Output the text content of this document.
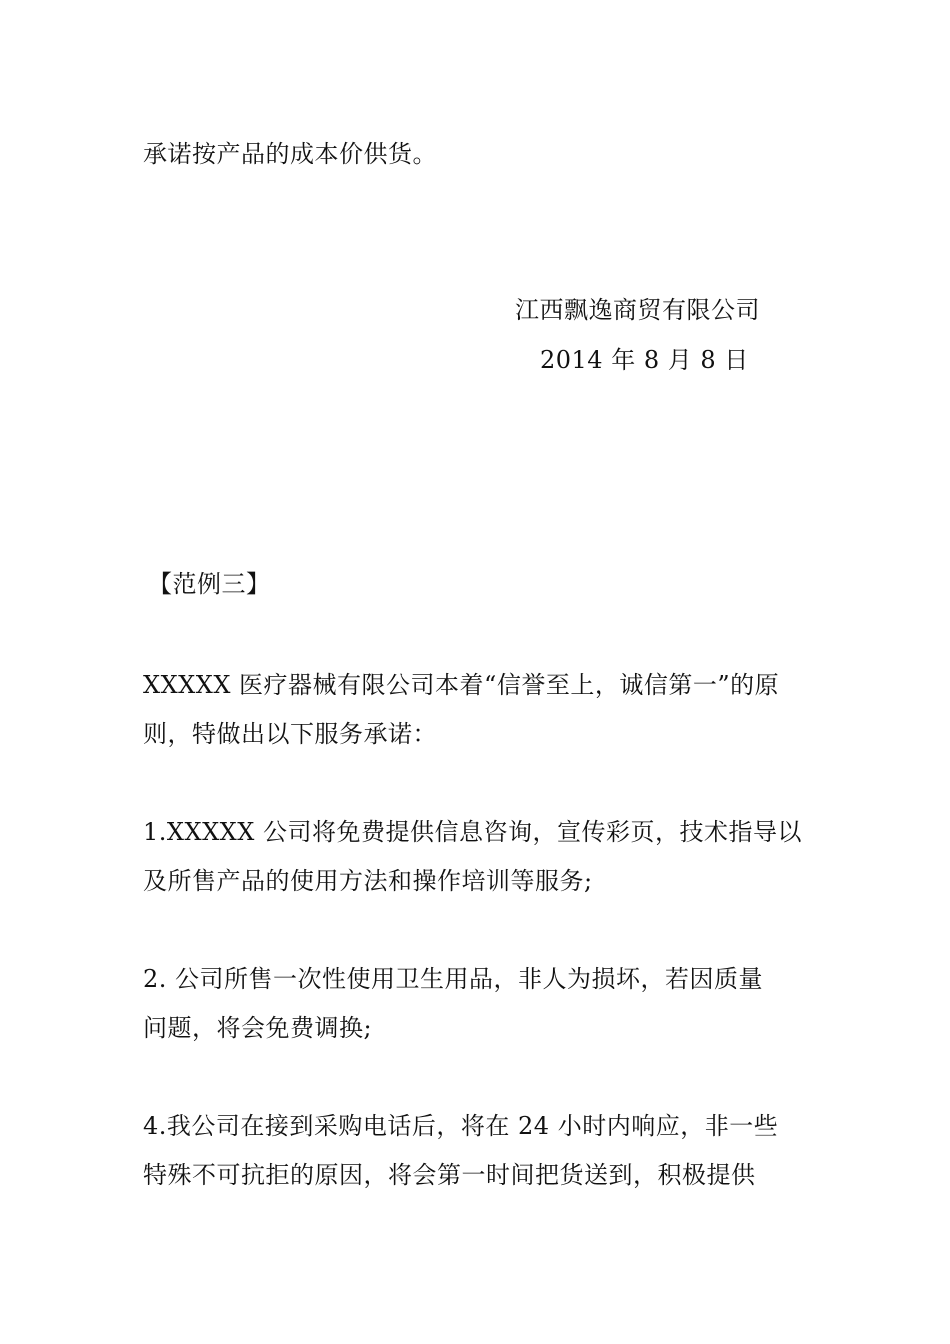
承诺按产品的成本价供货。
江西飘逸商贸有限公司
2014 年 8 月 8 日
【范例三】
XXXXX 医疗器械有限公司本着“信誉至上，诚信第一”的原
则，特做出以下服务承诺：
1.XXXXX 公司将免费提供信息咨询，宣传彩页，技术指导以
及所售产品的使用方法和操作培训等服务;
2. 公司所售一次性使用卫生用品，非人为损坏，若因质量
问题，将会免费调换;
4.我公司在接到采购电话后，将在 24 小时内响应，非一些
特殊不可抗拒的原因，将会第一时间把货送到，积极提供
